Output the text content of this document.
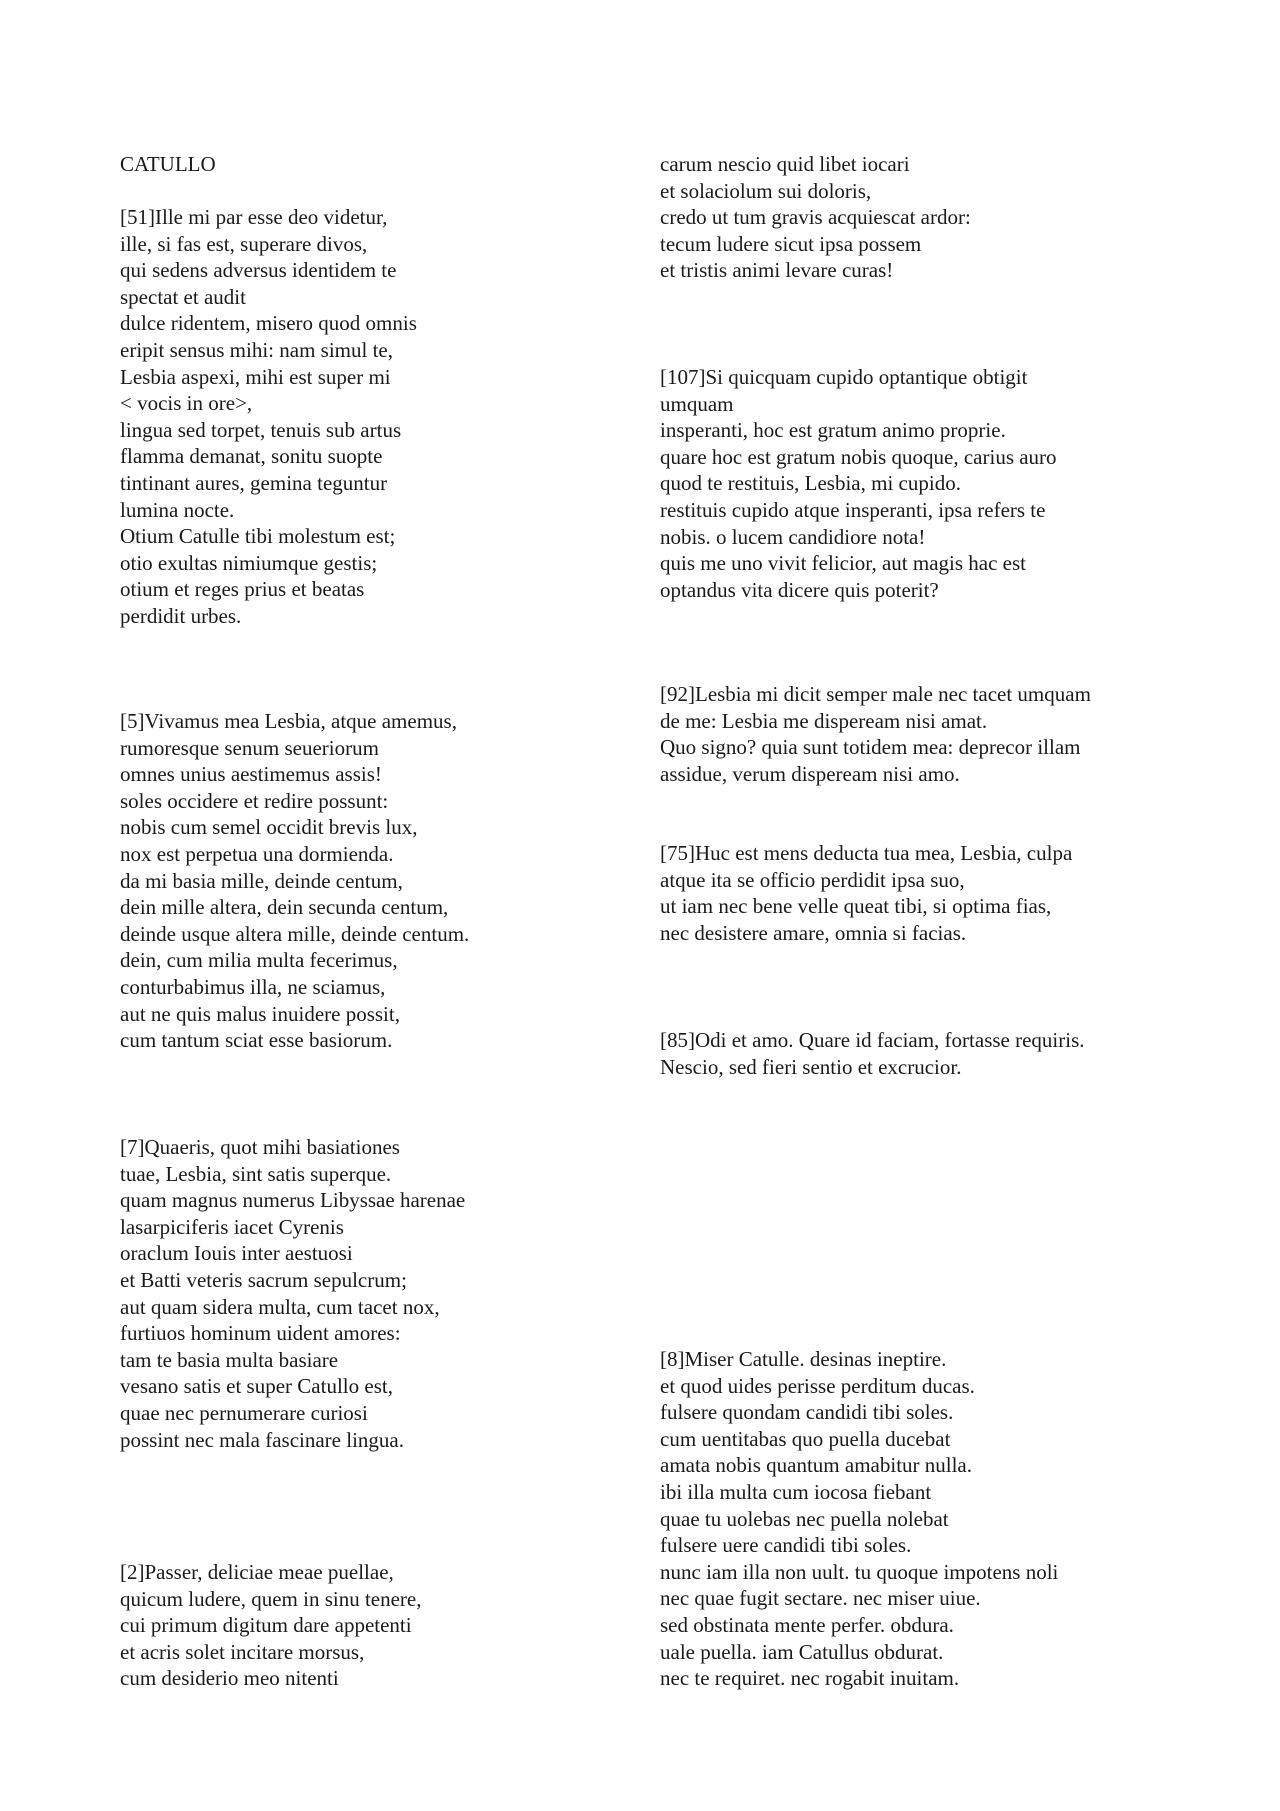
CATULLO
[51]Ille mi par esse deo videtur,
ille, si fas est, superare divos,
qui sedens adversus identidem te
spectat et audit
dulce ridentem, misero quod omnis
eripit sensus mihi: nam simul te,
Lesbia aspexi, mihi est super mi
< vocis in ore>,
lingua sed torpet, tenuis sub artus
flamma demanat, sonitu suopte
tintinant aures, gemina teguntur
lumina nocte.
Otium Catulle tibi molestum est;
otio exultas nimiumque gestis;
otium et reges prius et beatas
perdidit urbes.
[5]Vivamus mea Lesbia, atque amemus,
rumoresque senum seueriorum
omnes unius aestimemus assis!
soles occidere et redire possunt:
nobis cum semel occidit brevis lux,
nox est perpetua una dormienda.
da mi basia mille, deinde centum,
dein mille altera, dein secunda centum,
deinde usque altera mille, deinde centum.
dein, cum milia multa fecerimus,
conturbabimus illa, ne sciamus,
aut ne quis malus inuidere possit,
cum tantum sciat esse basiorum.
[7]Quaeris, quot mihi basiationes
tuae, Lesbia, sint satis superque.
quam magnus numerus Libyssae harenae
lasarpiciferis iacet Cyrenis
oraclum Iouis inter aestuosi
et Batti veteris sacrum sepulcrum;
aut quam sidera multa, cum tacet nox,
furtiuos hominum uident amores:
tam te basia multa basiare
vesano satis et super Catullo est,
quae nec pernumerare curiosi
possint nec mala fascinare lingua.
[2]Passer, deliciae meae puellae,
quicum ludere, quem in sinu tenere,
cui primum digitum dare appetenti
et acris solet incitare morsus,
cum desiderio meo nitenti
carum nescio quid libet iocari
et solaciolum sui doloris,
credo ut tum gravis acquiescat ardor:
tecum ludere sicut ipsa possem
et tristis animi levare curas!
[107]Si quicquam cupido optantique obtigit
umquam
insperanti, hoc est gratum animo proprie.
quare hoc est gratum nobis quoque, carius auro
quod te restituis, Lesbia, mi cupido.
restituis cupido atque insperanti, ipsa refers te
nobis. o lucem candidiore nota!
quis me uno vivit felicior, aut magis hac est
optandus vita dicere quis poterit?
[92]Lesbia mi dicit semper male nec tacet umquam
de me: Lesbia me dispeream nisi amat.
Quo signo? quia sunt totidem mea: deprecor illam
assidue, verum dispeream nisi amo.
[75]Huc est mens deducta tua mea, Lesbia, culpa
atque ita se officio perdidit ipsa suo,
ut iam nec bene velle queat tibi, si optima fias,
nec desistere amare, omnia si facias.
[85]Odi et amo. Quare id faciam, fortasse requiris.
Nescio, sed fieri sentio et excrucior.
[8]Miser Catulle. desinas ineptire.
et quod uides perisse perditum ducas.
fulsere quondam candidi tibi soles.
cum uentitabas quo puella ducebat
amata nobis quantum amabitur nulla.
ibi illa multa cum iocosa fiebant
quae tu uolebas nec puella nolebat
fulsere uere candidi tibi soles.
nunc iam illa non uult. tu quoque impotens noli
nec quae fugit sectare. nec miser uiue.
sed obstinata mente perfer. obdura.
uale puella. iam Catullus obdurat.
nec te requiret. nec rogabit inuitam.
